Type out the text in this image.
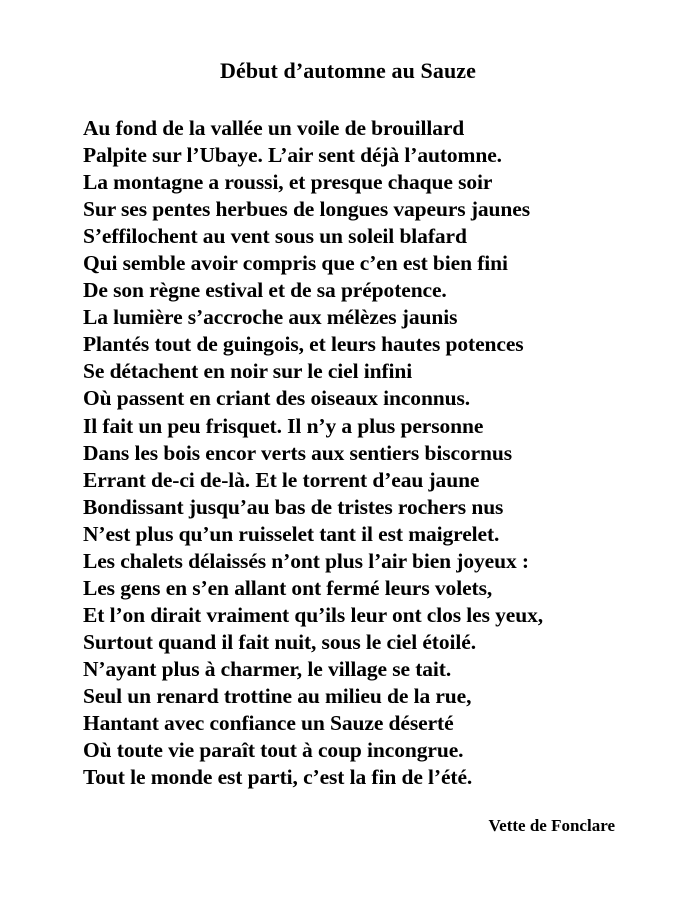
Début d’automne au Sauze
Au fond de la vallée un voile de brouillard
Palpite sur l’Ubaye. L’air sent déjà l’automne.
La montagne a roussi, et presque chaque soir
Sur ses pentes herbues de longues vapeurs jaunes
S’effilochent au vent sous un soleil blafard
Qui semble avoir compris que c’en est bien fini
De son règne estival et de sa prépotence.
La lumière s’accroche aux mélèzes jaunis
Plantés tout de guingois, et leurs hautes potences
Se détachent en noir sur le ciel infini
Où passent en criant des oiseaux inconnus.
Il fait un peu frisquet. Il n’y a plus personne
Dans les bois encor verts aux sentiers biscornus
Errant de-ci de-là. Et le torrent d’eau jaune
Bondissant jusqu’au bas de tristes rochers nus
N’est plus qu’un ruisselet tant il est maigrelet.
Les chalets délaissés n’ont plus l’air bien joyeux :
Les gens en s’en allant ont fermé leurs volets,
Et l’on dirait vraiment qu’ils leur ont clos les yeux,
Surtout quand il fait nuit, sous le ciel étoilé.
N’ayant plus à charmer, le village se tait.
Seul un renard trottine au milieu de la rue,
Hantant avec confiance un Sauze déserté
Où toute vie paraît tout à coup incongrue.
Tout le monde est parti, c’est la fin de l’été.
Vette de Fonclare
